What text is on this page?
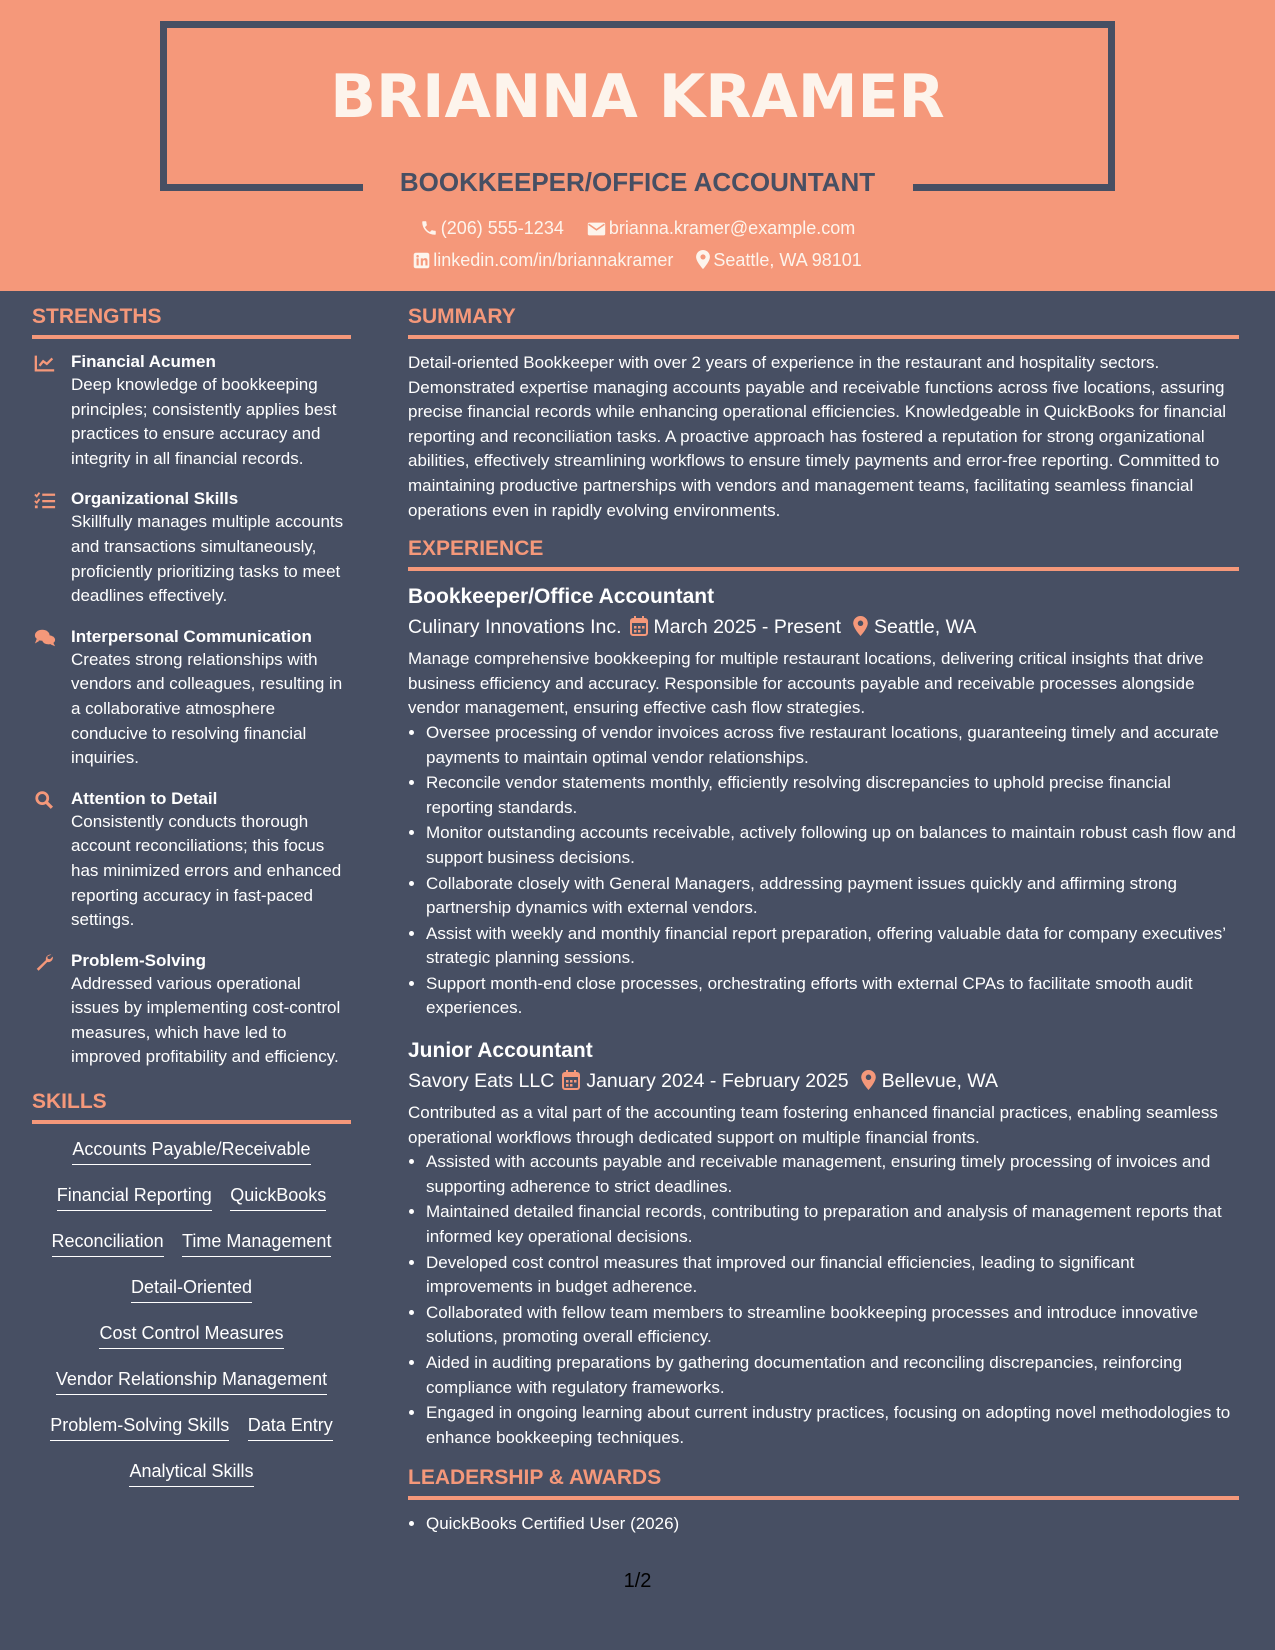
BRIANNA KRAMER
BOOKKEEPER/OFFICE ACCOUNTANT
(206) 555-1234	brianna.kramer@example.com
linkedin.com/in/briannakramer Seattle, WA 98101
STRENGTHS
Financial Acumen
Deep knowledge of bookkeeping principles; consistently applies best practices to ensure accuracy and integrity in all financial records.
Organizational Skills
Skillfully manages multiple accounts and transactions simultaneously, proficiently prioritizing tasks to meet deadlines effectively.
Interpersonal Communication
Creates strong relationships with vendors and colleagues, resulting in a collaborative atmosphere conducive to resolving financial inquiries.
Attention to Detail
Consistently conducts thorough account reconciliations; this focus has minimized errors and enhanced reporting accuracy in fast-paced settings.
Problem-Solving
Addressed various operational issues by implementing cost-control measures, which have led to improved profitability and efficiency.
SKILLS
Accounts Payable/Receivable
Financial Reporting QuickBooks
Reconciliation Time Management
Detail-Oriented
Cost Control Measures
Vendor Relationship Management
Problem-Solving Skills Data Entry
Analytical Skills
SUMMARY

Detail-oriented Bookkeeper with over 2 years of experience in the restaurant and hospitality sectors. Demonstrated expertise managing accounts payable and receivable functions across five locations, assuring precise financial records while enhancing operational efficiencies. Knowledgeable in QuickBooks for financial reporting and reconciliation tasks. A proactive approach has fostered a reputation for strong organizational abilities, effectively streamlining workflows to ensure timely payments and error-free reporting. Committed to maintaining productive partnerships with vendors and management teams, facilitating seamless financial operations even in rapidly evolving environments.

EXPERIENCE
Bookkeeper/Office Accountant
Culinary Innovations Inc. March 2025 - Present Seattle, WA

Manage comprehensive bookkeeping for multiple restaurant locations, delivering critical insights that drive business efficiency and accuracy. Responsible for accounts payable and receivable processes alongside vendor management, ensuring effective cash flow strategies.

• Oversee processing of vendor invoices across five restaurant locations, guaranteeing timely and accurate payments to maintain optimal vendor relationships.
• Reconcile vendor statements monthly, efficiently resolving discrepancies to uphold precise financial reporting standards.
• Monitor outstanding accounts receivable, actively following up on balances to maintain robust cash flow and support business decisions.
• Collaborate closely with General Managers, addressing payment issues quickly and affirming strong partnership dynamics with external vendors.
• Assist with weekly and monthly financial report preparation, offering valuable data for company executives’ strategic planning sessions.
• Support month-end close processes, orchestrating efforts with external CPAs to facilitate smooth audit experiences.
Junior Accountant
Savory Eats LLC January 2024 - February 2025 Bellevue, WA

Contributed as a vital part of the accounting team fostering enhanced financial practices, enabling seamless operational workflows through dedicated support on multiple financial fronts.

• Assisted with accounts payable and receivable management, ensuring timely processing of invoices and supporting adherence to strict deadlines.
• Maintained detailed financial records, contributing to preparation and analysis of management reports that informed key operational decisions.
• Developed cost control measures that improved our financial efficiencies, leading to significant improvements in budget adherence.
• Collaborated with fellow team members to streamline bookkeeping processes and introduce innovative solutions, promoting overall efficiency.
• Aided in auditing preparations by gathering documentation and reconciling discrepancies, reinforcing compliance with regulatory frameworks.
• Engaged in ongoing learning about current industry practices, focusing on adopting novel methodologies to enhance bookkeeping techniques.
LEADERSHIP & AWARDS
• QuickBooks Certified User (2026)
1/2
